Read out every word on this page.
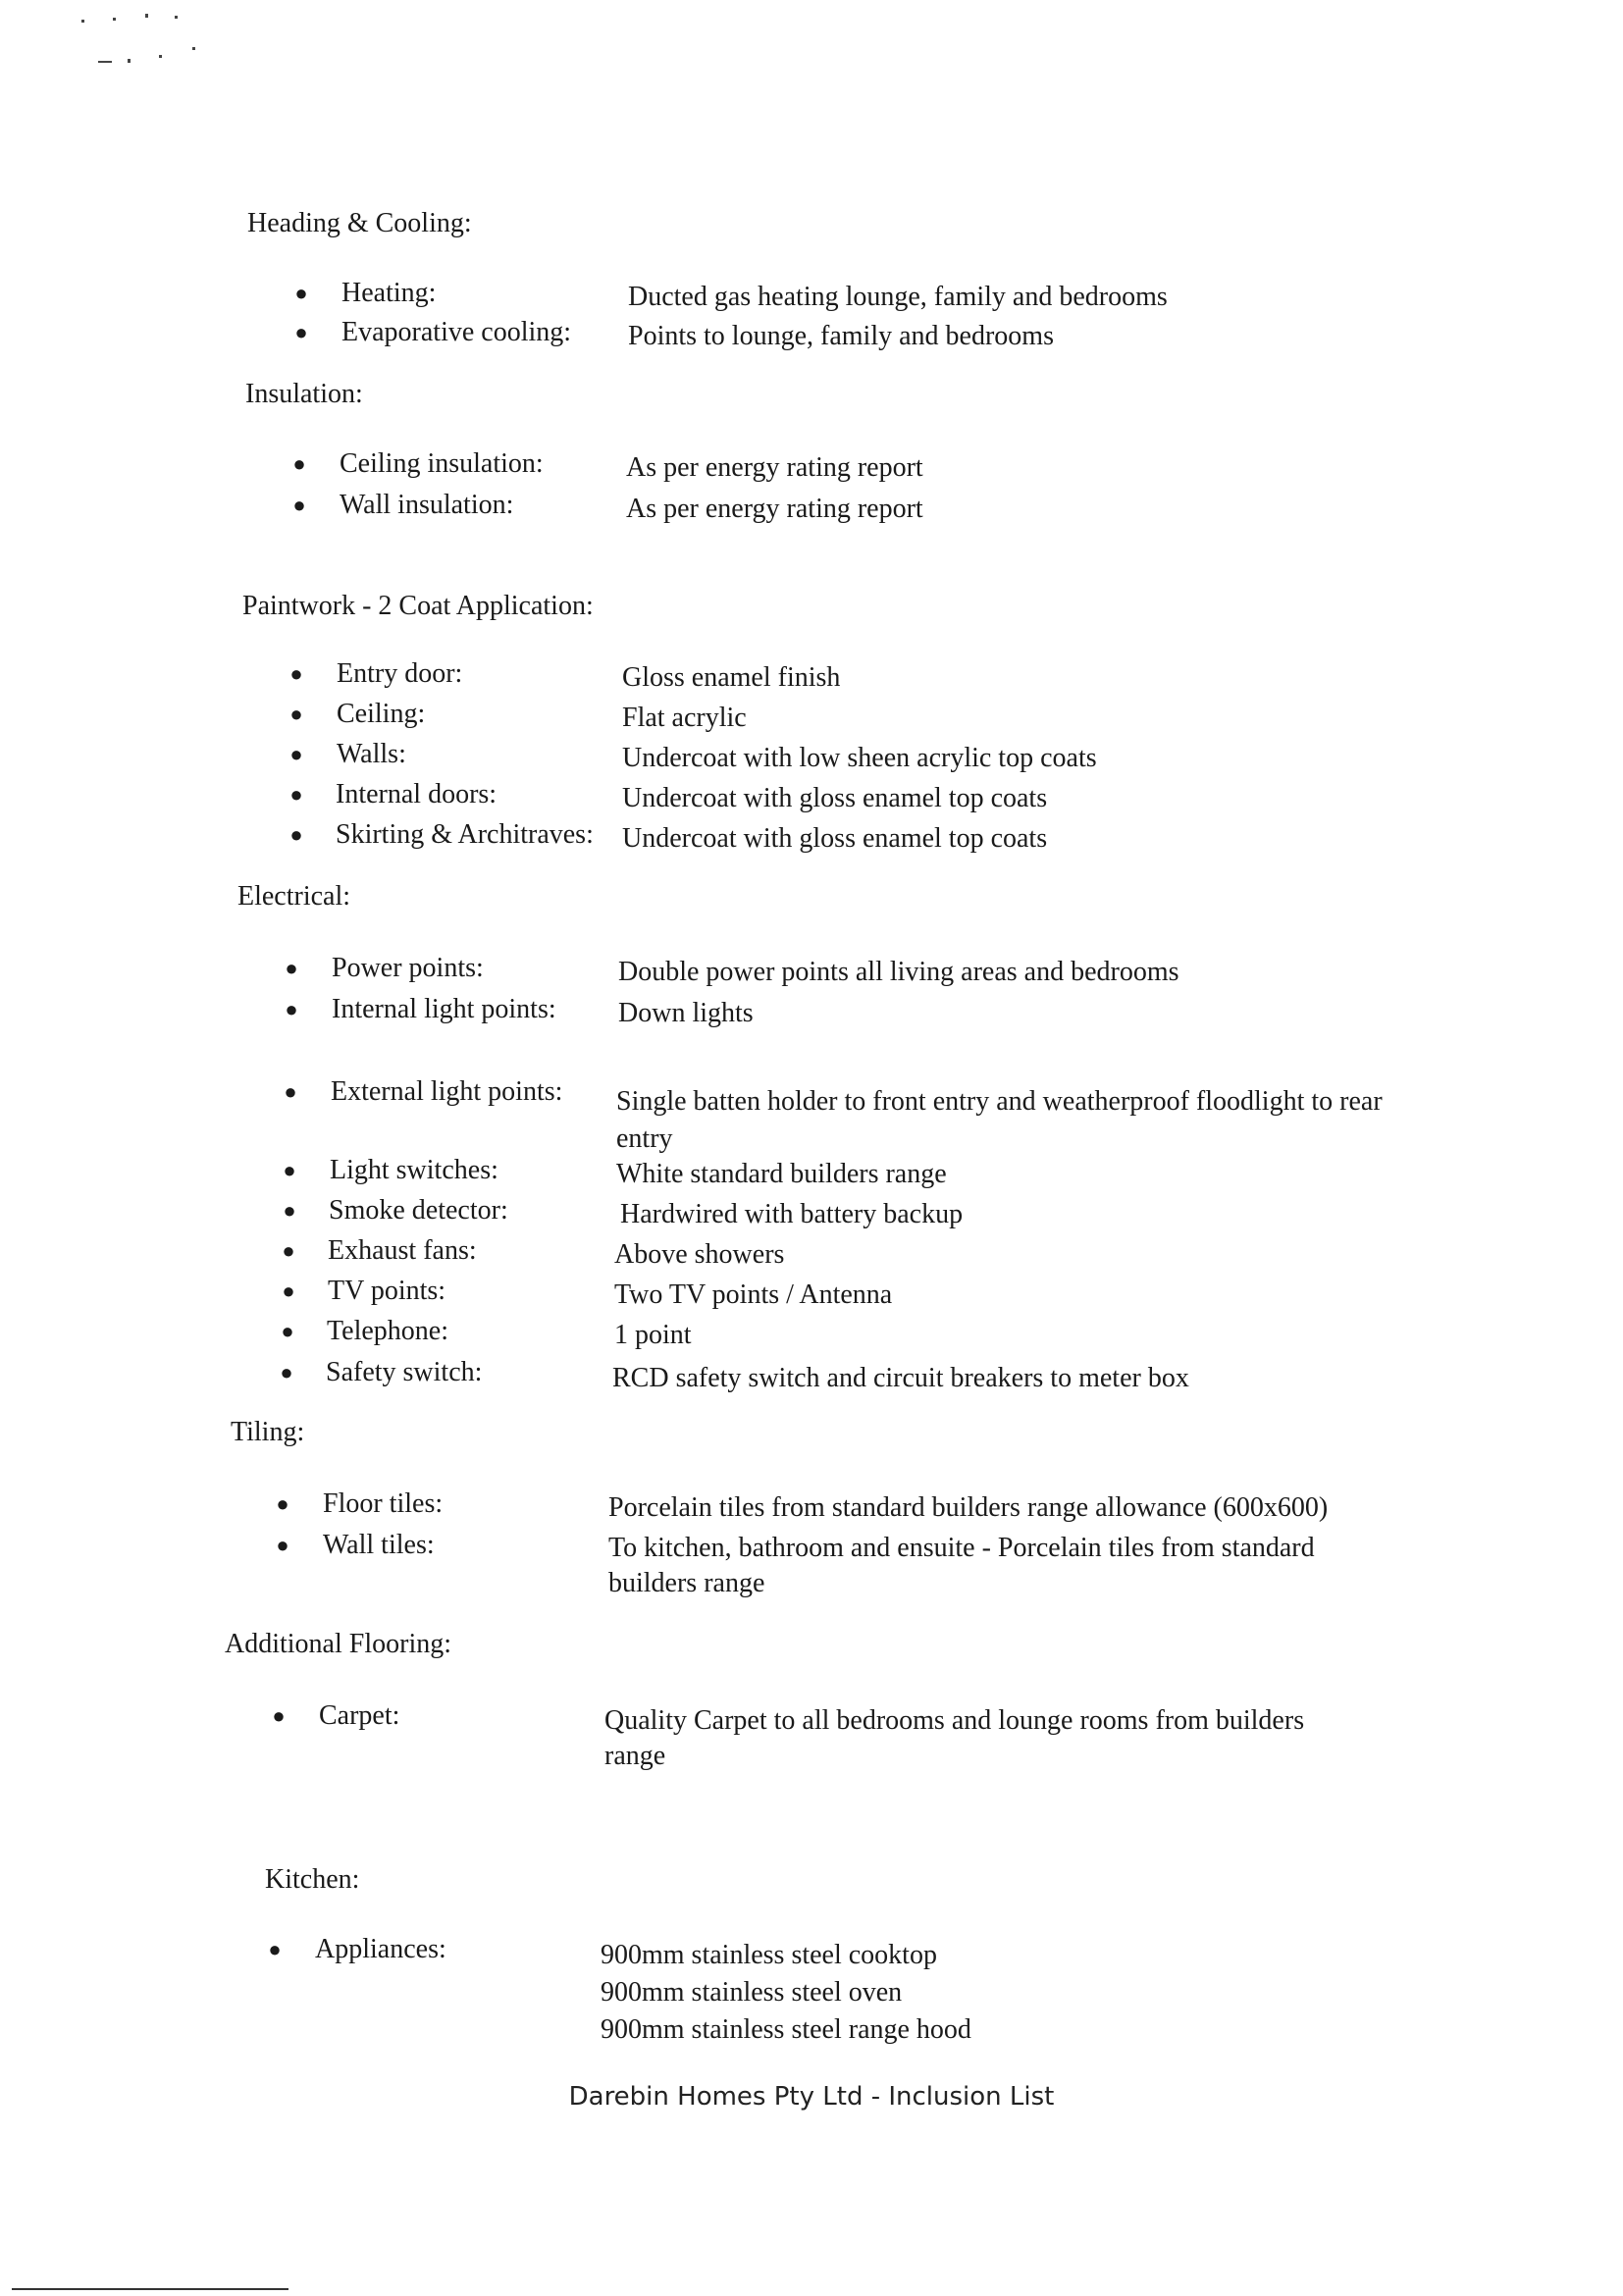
Heading & Cooling:
● Heating:	Ducted gas heating lounge, family and bedrooms
● Evaporative cooling: Points to lounge, family and bedrooms
Insulation:
● Ceiling insulation:	As per energy rating report
● Wall insulation:	As per energy rating report
Paintwork - 2 Coat Application:
● Entry door:	Gloss enamel finish
● Ceiling:	Flat acrylic
● Walls:	Undercoat with low sheen acrylic top coats
● Internal doors:	Undercoat with gloss enamel top coats
● Skirting & Architraves: Undercoat with gloss enamel top coats
Electrical:
● Power points:	Double power points all living areas and bedrooms
● Internal light points: Down lights
● External light points: Single batten holder to front entry and weatherproof floodlight to rear entry
● Light switches:	White standard builders range
● Smoke detector:	Hardwired with battery backup
● Exhaust fans:	Above showers
● TV points:	Two TV points / Antenna
● Telephone:	1 point
● Safety switch:	RCD safety switch and circuit breakers to meter box
Tiling:
● Floor tiles:	Porcelain tiles from standard builders range allowance (600x600)
● Wall tiles:	To kitchen, bathroom and ensuite - Porcelain tiles from standard builders range
Additional Flooring:
● Carpet:	Quality Carpet to all bedrooms and lounge rooms from builders range
Kitchen:
● Appliances:	900mm stainless steel cooktop
900mm stainless steel oven
900mm stainless steel range hood
Darebin Homes Pty Ltd - Inclusion List
